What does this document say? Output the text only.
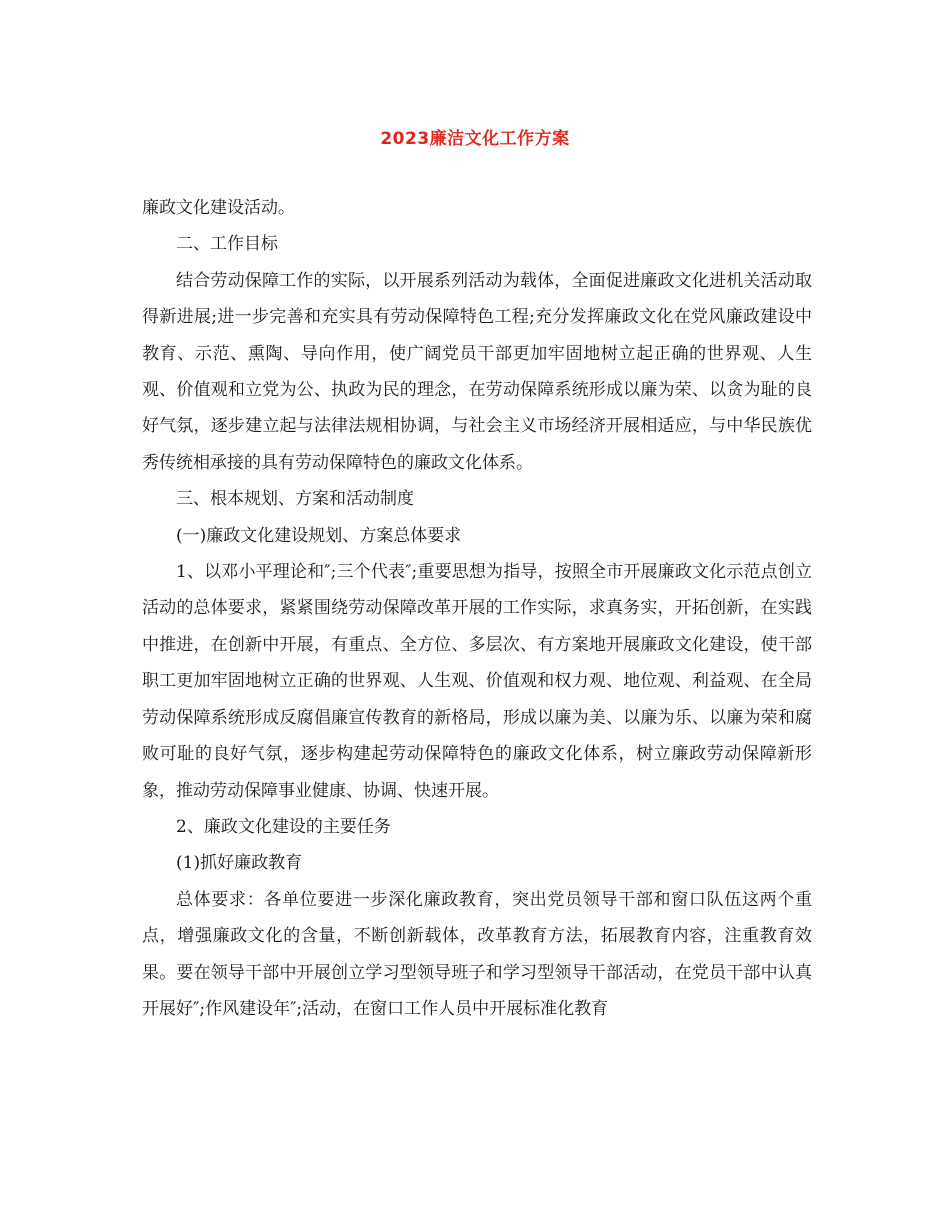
2023廉洁文化工作方案

廉政文化建设活动。

二、工作目标

结合劳动保障工作的实际，以开展系列活动为载体，全面促进廉政文化进机关活动取得新进展;进一步完善和充实具有劳动保障特色工程;充分发挥廉政文化在党风廉政建设中教育、示范、熏陶、导向作用，使广阔党员干部更加牢固地树立起正确的世界观、人生观、价值观和立党为公、执政为民的理念，在劳动保障系统形成以廉为荣、以贪为耻的良好气氛，逐步建立起与法律法规相协调，与社会主义市场经济开展相适应，与中华民族优秀传统相承接的具有劳动保障特色的廉政文化体系。

三、根本规划、方案和活动制度

(一)廉政文化建设规划、方案总体要求

1、以邓小平理论和″;三个代表″;重要思想为指导，按照全市开展廉政文化示范点创立活动的总体要求，紧紧围绕劳动保障改革开展的工作实际，求真务实，开拓创新，在实践中推进，在创新中开展，有重点、全方位、多层次、有方案地开展廉政文化建设，使干部职工更加牢固地树立正确的世界观、人生观、价值观和权力观、地位观、利益观、在全局劳动保障系统形成反腐倡廉宣传教育的新格局，形成以廉为美、以廉为乐、以廉为荣和腐败可耻的良好气氛，逐步构建起劳动保障特色的廉政文化体系，树立廉政劳动保障新形象，推动劳动保障事业健康、协调、快速开展。

2、廉政文化建设的主要任务

(1)抓好廉政教育

总体要求：各单位要进一步深化廉政教育，突出党员领导干部和窗口队伍这两个重点，增强廉政文化的含量，不断创新载体，改革教育方法，拓展教育内容，注重教育效果。要在领导干部中开展创立学习型领导班子和学习型领导干部活动，在党员干部中认真开展好″;作风建设年″;活动，在窗口工作人员中开展标准化教育
